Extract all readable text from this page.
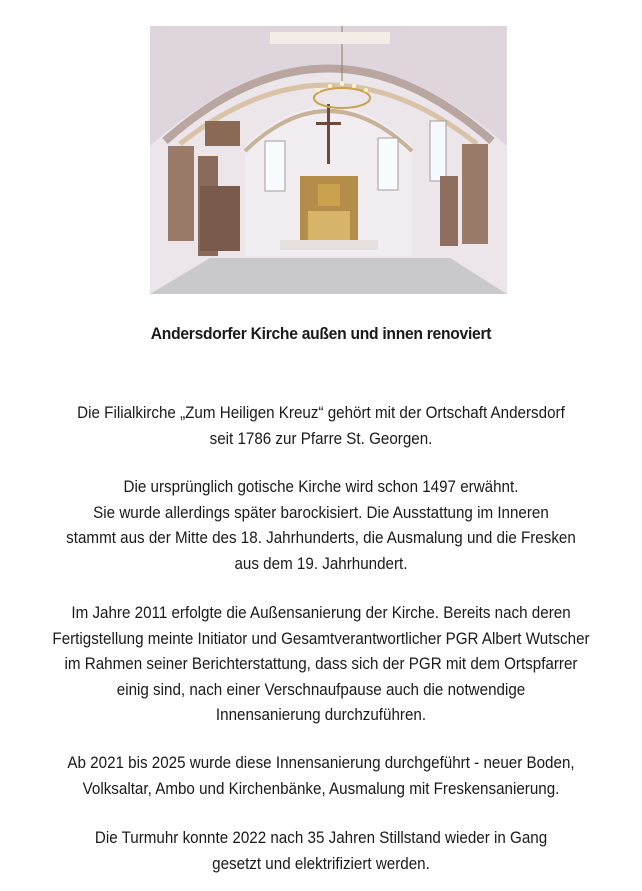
Andersdorfer Kirche außen und innen renoviert
Die Filialkirche „Zum Heiligen Kreuz“ gehört mit der Ortschaft Andersdorf
seit 1786 zur Pfarre St. Georgen.
Die ursprünglich gotische Kirche wird schon 1497 erwähnt.
Sie wurde allerdings später barockisiert. Die Ausstattung im Inneren
stammt aus der Mitte des 18. Jahrhunderts, die Ausmalung und die Fresken
aus dem 19. Jahrhundert.
Im Jahre 2011 erfolgte die Außensanierung der Kirche. Bereits nach deren
Fertigstellung meinte Initiator und Gesamtverantwortlicher PGR Albert Wutscher
im Rahmen seiner Berichterstattung, dass sich der PGR mit dem Ortspfarrer
einig sind, nach einer Verschnaufpause auch die notwendige
Innensanierung durchzuführen.
Ab 2021 bis 2025 wurde diese Innensanierung durchgeführt - neuer Boden,
Volksaltar, Ambo und Kirchenbänke, Ausmalung mit Freskensanierung.
Die Turmuhr konnte 2022 nach 35 Jahren Stillstand wieder in Gang
gesetzt und elektrifiziert werden.
